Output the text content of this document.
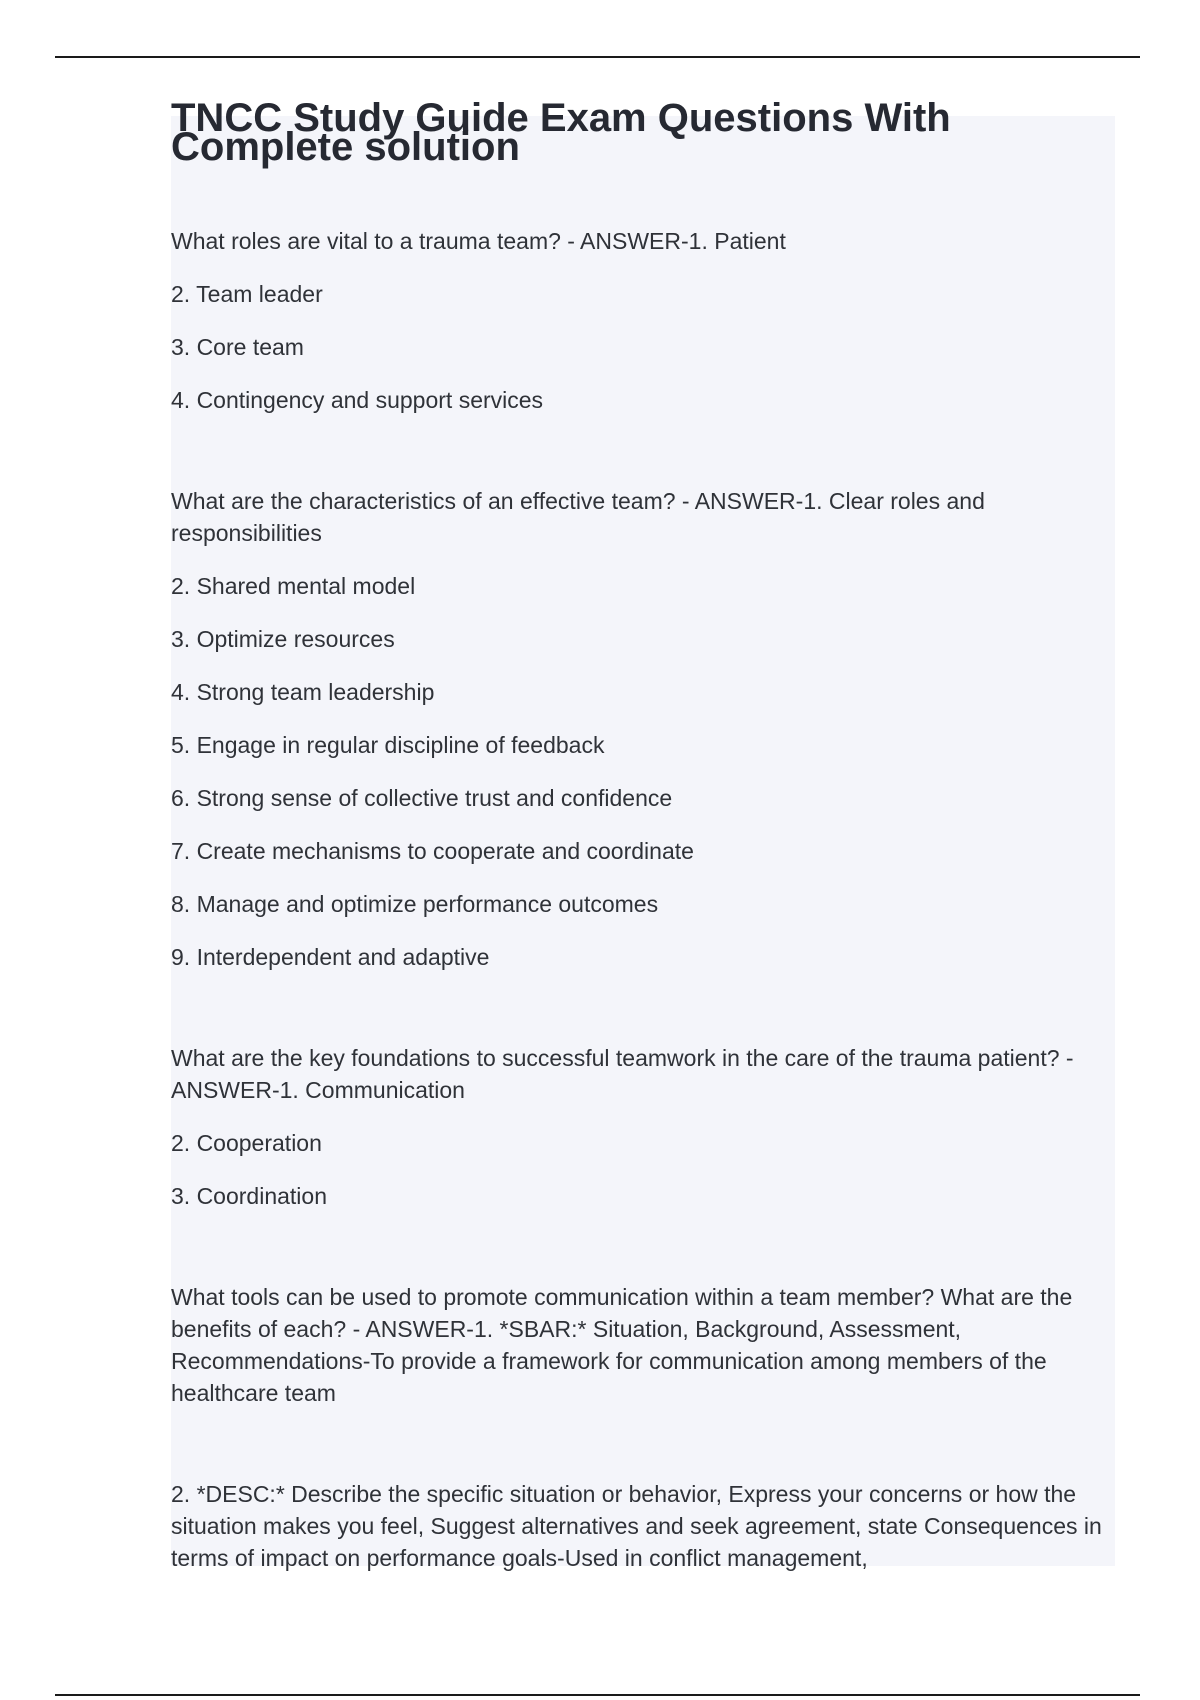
TNCC Study Guide Exam Questions With Complete solution

What roles are vital to a trauma team? - ANSWER-1. Patient

2. Team leader

3. Core team

4. Contingency and support services

What are the characteristics of an effective team? - ANSWER-1. Clear roles and responsibilities

2. Shared mental model

3. Optimize resources

4. Strong team leadership

5. Engage in regular discipline of feedback

6. Strong sense of collective trust and confidence

7. Create mechanisms to cooperate and coordinate

8. Manage and optimize performance outcomes

9. Interdependent and adaptive

What are the key foundations to successful teamwork in the care of the trauma patient? - ANSWER-1. Communication

2. Cooperation

3. Coordination

What tools can be used to promote communication within a team member? What are the benefits of each? - ANSWER-1. *SBAR:* Situation, Background, Assessment, Recommendations-To provide a framework for communication among members of the healthcare team

2. *DESC:* Describe the specific situation or behavior, Express your concerns or how the situation makes you feel, Suggest alternatives and seek agreement, state Consequences in terms of impact on performance goals-Used in conflict management,
